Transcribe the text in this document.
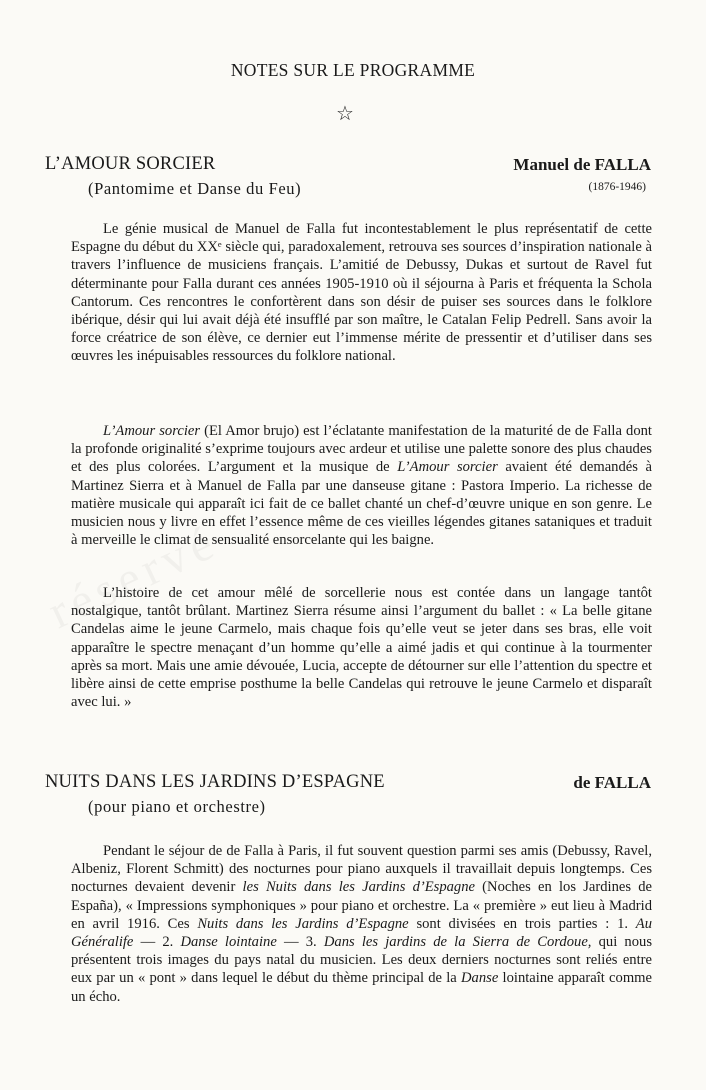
NOTES SUR LE PROGRAMME
☆
L’AMOUR SORCIER	Manuel de FALLA
(Pantomime et Danse du Feu)	(1876-1946)

Le génie musical de Manuel de Falla fut incontestablement le plus représentatif de cette Espagne du début du XXᵉ siècle qui, paradoxalement, retrouva ses sources d’inspiration nationale à travers l’influence de musiciens français. L’amitié de Debussy, Dukas et surtout de Ravel fut déterminante pour Falla durant ces années 1905-1910 où il séjourna à Paris et fréquenta la Schola Cantorum. Ces rencontres le confortèrent dans son désir de puiser ses sources dans le folklore ibérique, désir qui lui avait déjà été insufflé par son maître, le Catalan Felip Pedrell. Sans avoir la force créatrice de son élève, ce dernier eut l’immense mérite de pressentir et d’utiliser dans ses œuvres les inépuisables ressources du folklore national.

L’Amour sorcier (El Amor brujo) est l’éclatante manifestation de la maturité de de Falla dont la profonde originalité s’exprime toujours avec ardeur et utilise une palette sonore des plus chaudes et des plus colorées. L’argument et la musique de L’Amour sorcier avaient été demandés à Martinez Sierra et à Manuel de Falla par une danseuse gitane : Pastora Imperio. La richesse de matière musicale qui apparaît ici fait de ce ballet chanté un chef-d’œuvre unique en son genre. Le musicien nous y livre en effet l’essence même de ces vieilles légendes gitanes sataniques et traduit à merveille le climat de sensualité ensorcelante qui les baigne.

L’histoire de cet amour mêlé de sorcellerie nous est contée dans un langage tantôt nostalgique, tantôt brûlant. Martinez Sierra résume ainsi l’argument du ballet : « La belle gitane Candelas aime le jeune Carmelo, mais chaque fois qu’elle veut se jeter dans ses bras, elle voit apparaître le spectre menaçant d’un homme qu’elle a aimé jadis et qui continue à la tourmenter après sa mort. Mais une amie dévouée, Lucia, accepte de détourner sur elle l’attention du spectre et libère ainsi de cette emprise posthume la belle Candelas qui retrouve le jeune Carmelo et disparaît avec lui. »

NUITS DANS LES JARDINS D’ESPAGNE	de FALLA
(pour piano et orchestre)

Pendant le séjour de de Falla à Paris, il fut souvent question parmi ses amis (Debussy, Ravel, Albeniz, Florent Schmitt) des nocturnes pour piano auxquels il travaillait depuis longtemps. Ces nocturnes devaient devenir les Nuits dans les Jardins d’Espagne (Noches en los Jardines de España), « Impressions symphoniques » pour piano et orchestre. La « première » eut lieu à Madrid en avril 1916. Ces Nuits dans les Jardins d’Espagne sont divisées en trois parties : 1. Au Généralife — 2. Danse lointaine — 3. Dans les jardins de la Sierra de Cordoue, qui nous présentent trois images du pays natal du musicien. Les deux derniers nocturnes sont reliés entre eux par un « pont » dans lequel le début du thème principal de la Danse lointaine apparaît comme un écho.
